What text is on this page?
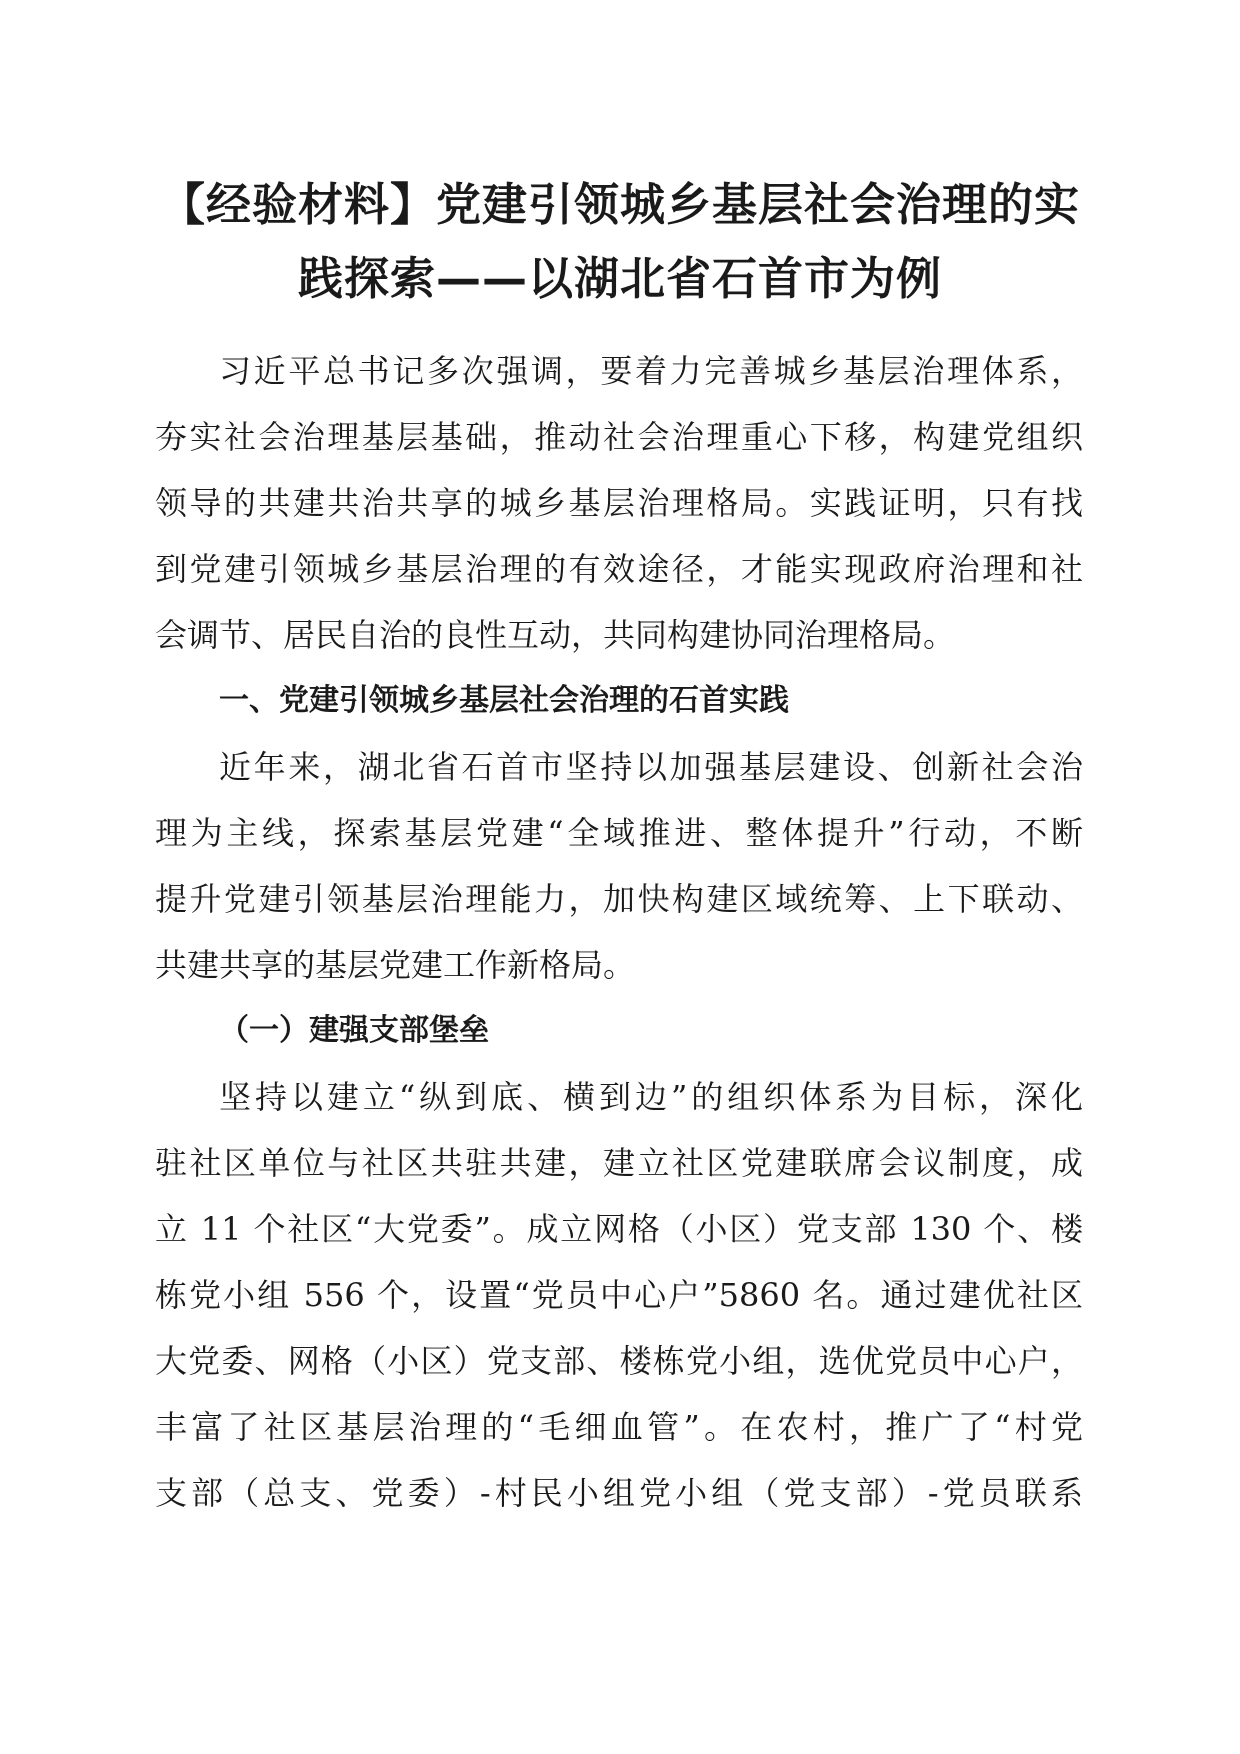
【经验材料】党建引领城乡基层社会治理的实
践探索——以湖北省石首市为例
习近平总书记多次强调，要着力完善城乡基层治理体系，
夯实社会治理基层基础，推动社会治理重心下移，构建党组织
领导的共建共治共享的城乡基层治理格局。实践证明，只有找
到党建引领城乡基层治理的有效途径，才能实现政府治理和社
会调节、居民自治的良性互动，共同构建协同治理格局。
一、党建引领城乡基层社会治理的石首实践
近年来，湖北省石首市坚持以加强基层建设、创新社会治
理为主线，探索基层党建“全域推进、整体提升”行动，不断
提升党建引领基层治理能力，加快构建区域统筹、上下联动、
共建共享的基层党建工作新格局。
（一）建强支部堡垒
坚持以建立“纵到底、横到边”的组织体系为目标，深化
驻社区单位与社区共驻共建，建立社区党建联席会议制度，成
立 11 个社区“大党委”。成立网格（小区）党支部 130 个、楼
栋党小组 556 个，设置“党员中心户”5860 名。通过建优社区
大党委、网格（小区）党支部、楼栋党小组，选优党员中心户，
丰富了社区基层治理的“毛细血管”。在农村，推广了“村党
支部（总支、党委）-村民小组党小组（党支部）-党员联系
